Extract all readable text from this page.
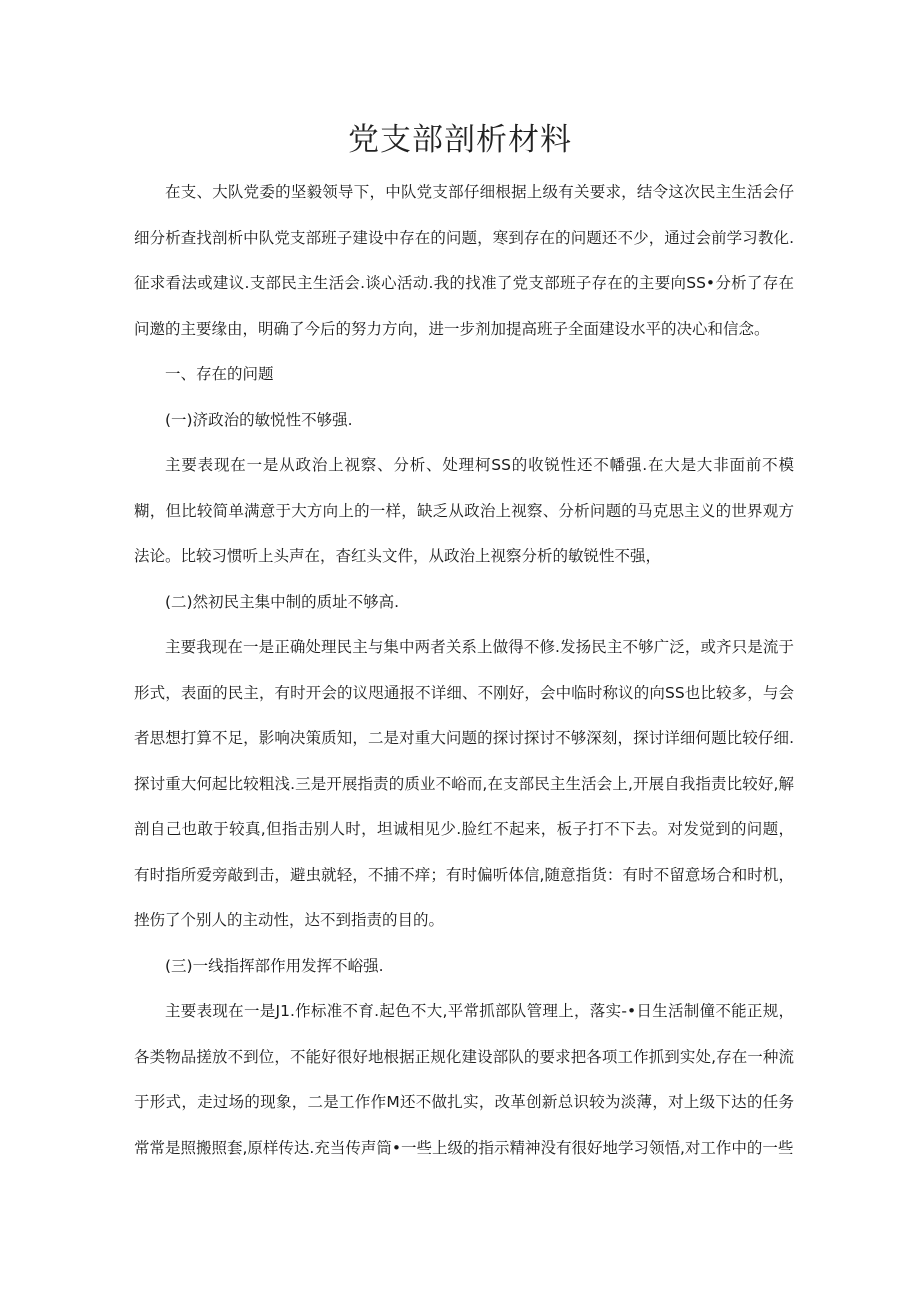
党支部剖析材料

在支、大队党委的坚毅领导下，中队党支部仔细根据上级有关要求，结令这次民主生活会仔细分析查找剖析中队党支部班子建设中存在的问题，寒到存在的问题还不少，通过会前学习教化.征求看法或建议.支部民主生活会.谈心活动.我的找准了党支部班子存在的主要向SS•分析了存在问邀的主要缘由，明确了今后的努力方向，进一步剂加提高班子全面建设水平的决心和信念。

一、存在的问题

(一)济政治的敏悦性不够强.

主要表现在一是从政治上视察、分析、处理柯SS的收锐性还不幡强.在大是大非面前不模糊，但比较简单满意于大方向上的一样，缺乏从政治上视察、分析问题的马克思主义的世界观方法论。比较习惯听上头声在，杳红头文件，从政治上视察分析的敏锐性不强，

(二)然初民主集中制的质址不够高.

主要我现在一是正确处理民主与集中两者关系上做得不修.发扬民主不够广泛，或齐只是流于形式，表面的民主，有时开会的议咫通报不详细、不刚好，会中临时称议的向SS也比较多，与会者思想打算不足，影响决策质知，二是对重大问题的探讨探讨不够深刻，探讨详细何题比较仔细.探讨重大何起比较粗浅.三是开展指责的质业不峪而,在支部民主生活会上,开展自我指责比较好,解剖自己也敢于较真,但指击别人时，坦诚相见少.脸红不起来，板子打不下去。对发觉到的问题，有时指所爱旁敲到击，避虫就轻，不捕不痒；有时偏听体信,随意指货：有时不留意场合和时机，挫伤了个别人的主动性，达不到指责的目的。

(三)一线指挥部作用发挥不峪强.

主要表现在一是J1.作标准不育.起色不大,平常抓部队管理上，落实-•日生活制僮不能正规，各类物品搓放不到位，不能好很好地根据正规化建设部队的要求把各项工作抓到实处,存在一种流于形式，走过场的现象，二是工作作M还不做扎实，改革创新总识较为淡薄，对上级下达的任务常常是照搬照套,原样传达.充当传声筒•一些上级的指示精神没有很好地学习领悟,对工作中的一些
